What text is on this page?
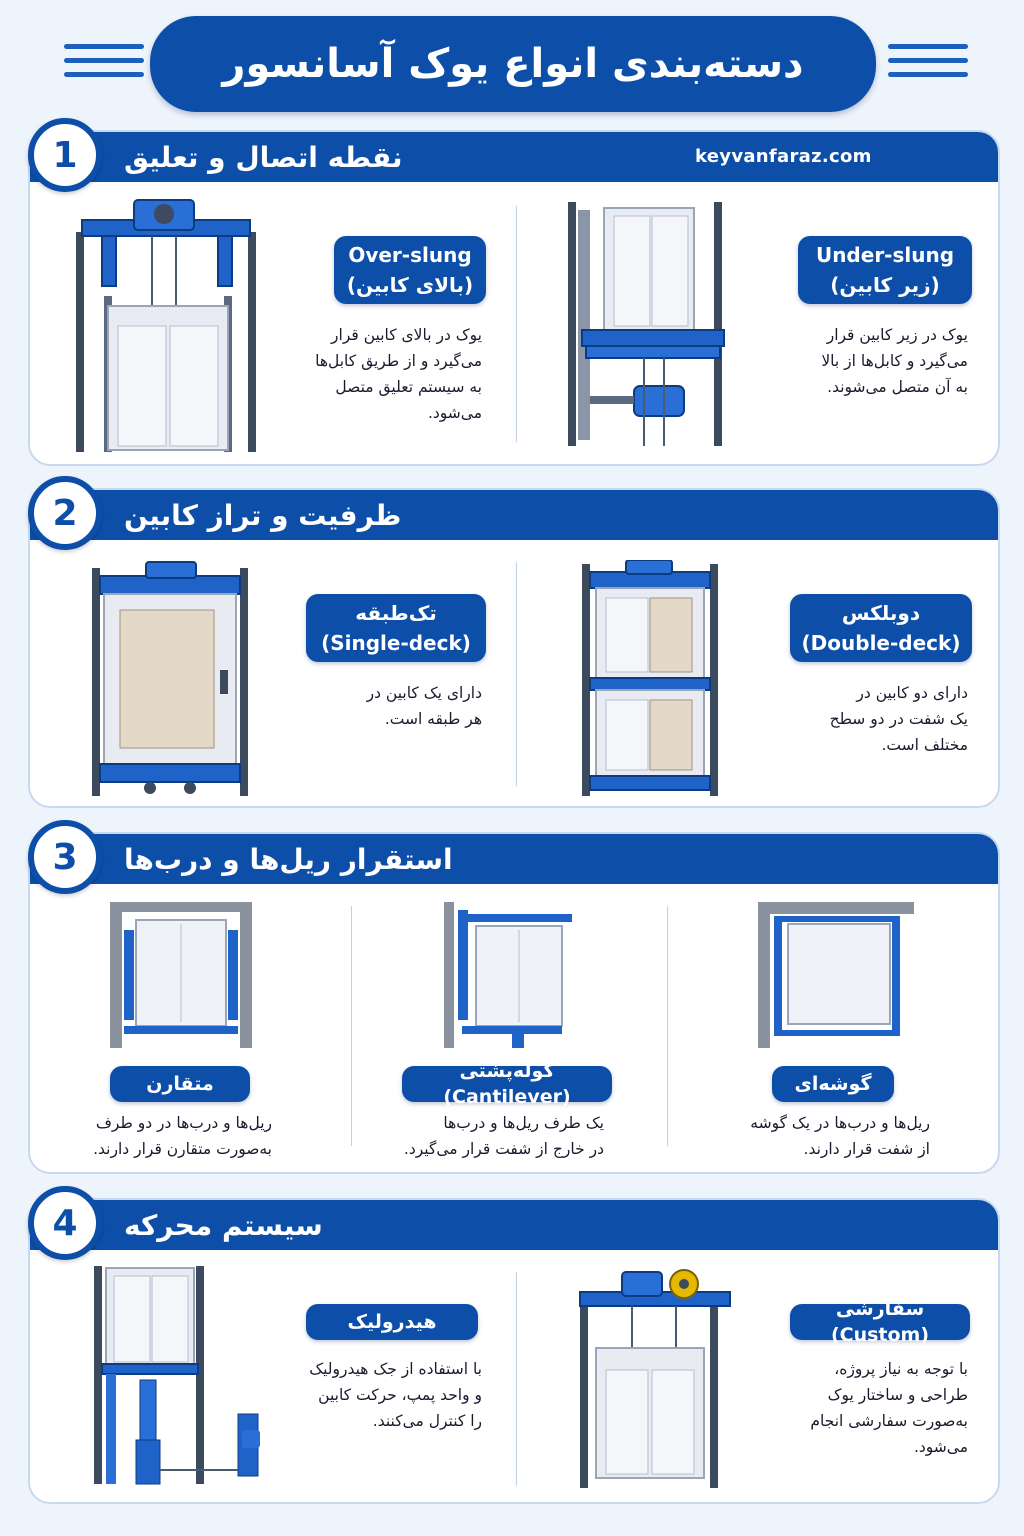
دسته‌بندی انواع یوک آسانسور
نقطه اتصال و تعلیق	keyvanfaraz.com
Over-slung
(بالای کابین)
یوک در بالای کابین قرار
می‌گیرد و از طریق کابل‌ها
به سیستم تعلیق متصل
می‌شود.
Under-slung
(زیر کابین)
یوک در زیر کابین قرار
می‌گیرد و کابل‌ها از بالا
به آن متصل می‌شوند.
1
ظرفیت و تراز کابین
تک‌طبقه
(Single-deck)
دارای یک کابین در
هر طبقه است.
دوبلکس
(Double-deck)
دارای دو کابین در
یک شفت در دو سطح
مختلف است.
2
استقرار ریل‌ها و درب‌ها
متقارن
ریل‌ها و درب‌ها در دو طرف
به‌صورت متقارن قرار دارند.
کوله‌پشتی (Cantilever)
یک طرف ریل‌ها و درب‌ها
در خارج از شفت قرار می‌گیرد.
گوشه‌ای
ریل‌ها و درب‌ها در یک گوشه
از شفت قرار دارند.
3
سیستم محرکه
هیدرولیک
با استفاده از جک هیدرولیک
و واحد پمپ، حرکت کابین
را کنترل می‌کنند.
سفارشی (Custom)
با توجه به نیاز پروژه،
طراحی و ساختار یوک
به‌صورت سفارشی انجام
می‌شود.
4
